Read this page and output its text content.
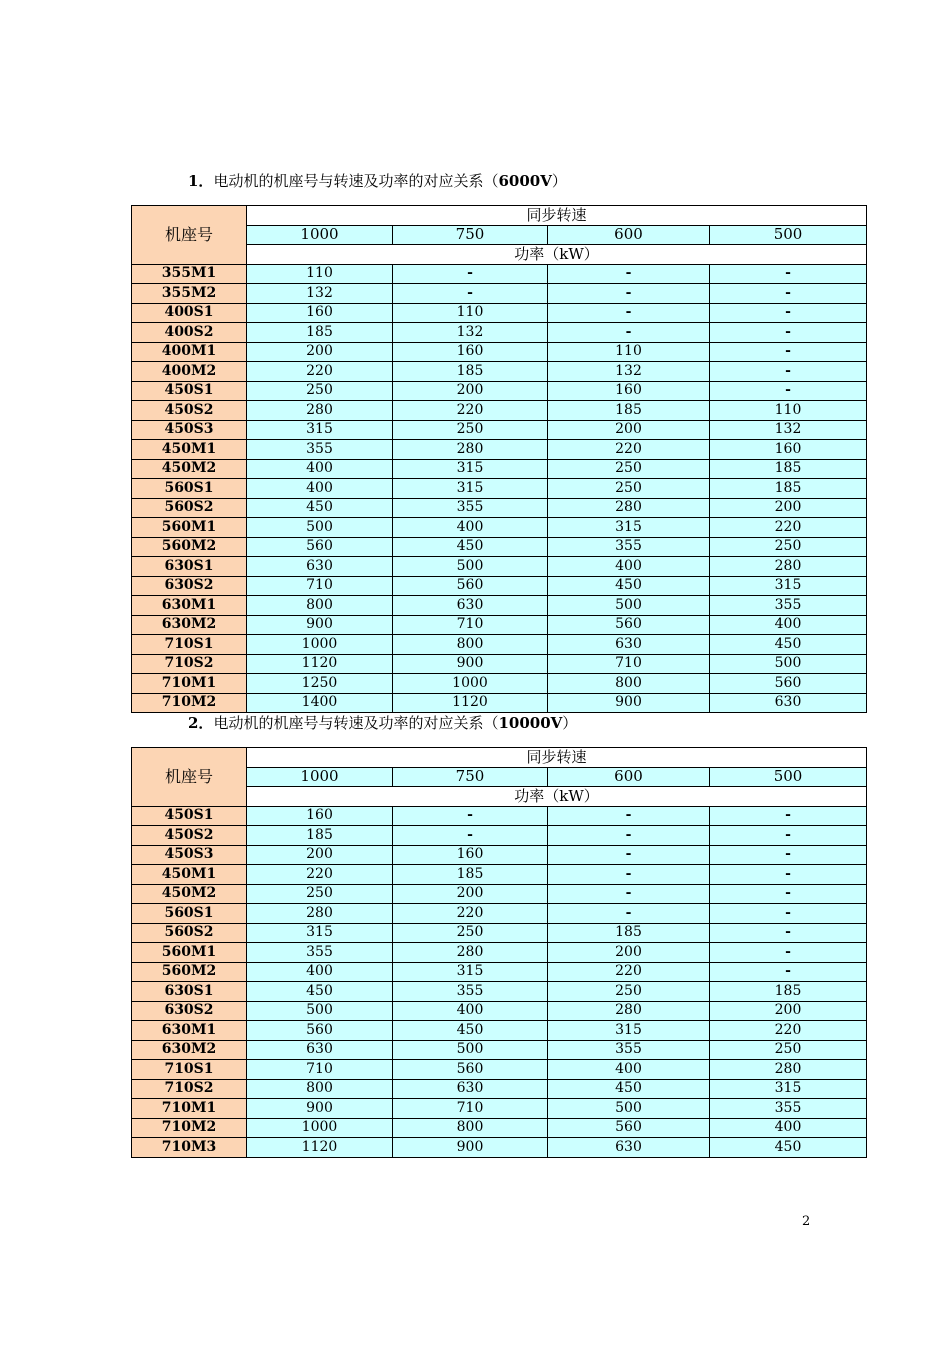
1．电动机的机座号与转速及功率的对应关系（6000V）
机座号	同步转速			
	1000	750	600	500
	功率（kW）			
355M1	110	-	-	-
355M2	132	-	-	-
400S1	160	110	-	-
400S2	185	132	-	-
400M1	200	160	110	-
400M2	220	185	132	-
450S1	250	200	160	-
450S2	280	220	185	110
450S3	315	250	200	132
450M1	355	280	220	160
450M2	400	315	250	185
560S1	400	315	250	185
560S2	450	355	280	200
560M1	500	400	315	220
560M2	560	450	355	250
630S1	630	500	400	280
630S2	710	560	450	315
630M1	800	630	500	355
630M2	900	710	560	400
710S1	1000	800	630	450
710S2	1120	900	710	500
710M1	1250	1000	800	560
710M2	1400	1120	900	630
2．电动机的机座号与转速及功率的对应关系（10000V）
机座号	同步转速			
	1000	750	600	500
	功率（kW）			
450S1	160	-	-	-
450S2	185	-	-	-
450S3	200	160	-	-
450M1	220	185	-	-
450M2	250	200	-	-
560S1	280	220	-	-
560S2	315	250	185	-
560M1	355	280	200	-
560M2	400	315	220	-
630S1	450	355	250	185
630S2	500	400	280	200
630M1	560	450	315	220
630M2	630	500	355	250
710S1	710	560	400	280
710S2	800	630	450	315
710M1	900	710	500	355
710M2	1000	800	560	400
710M3	1120	900	630	450
2
